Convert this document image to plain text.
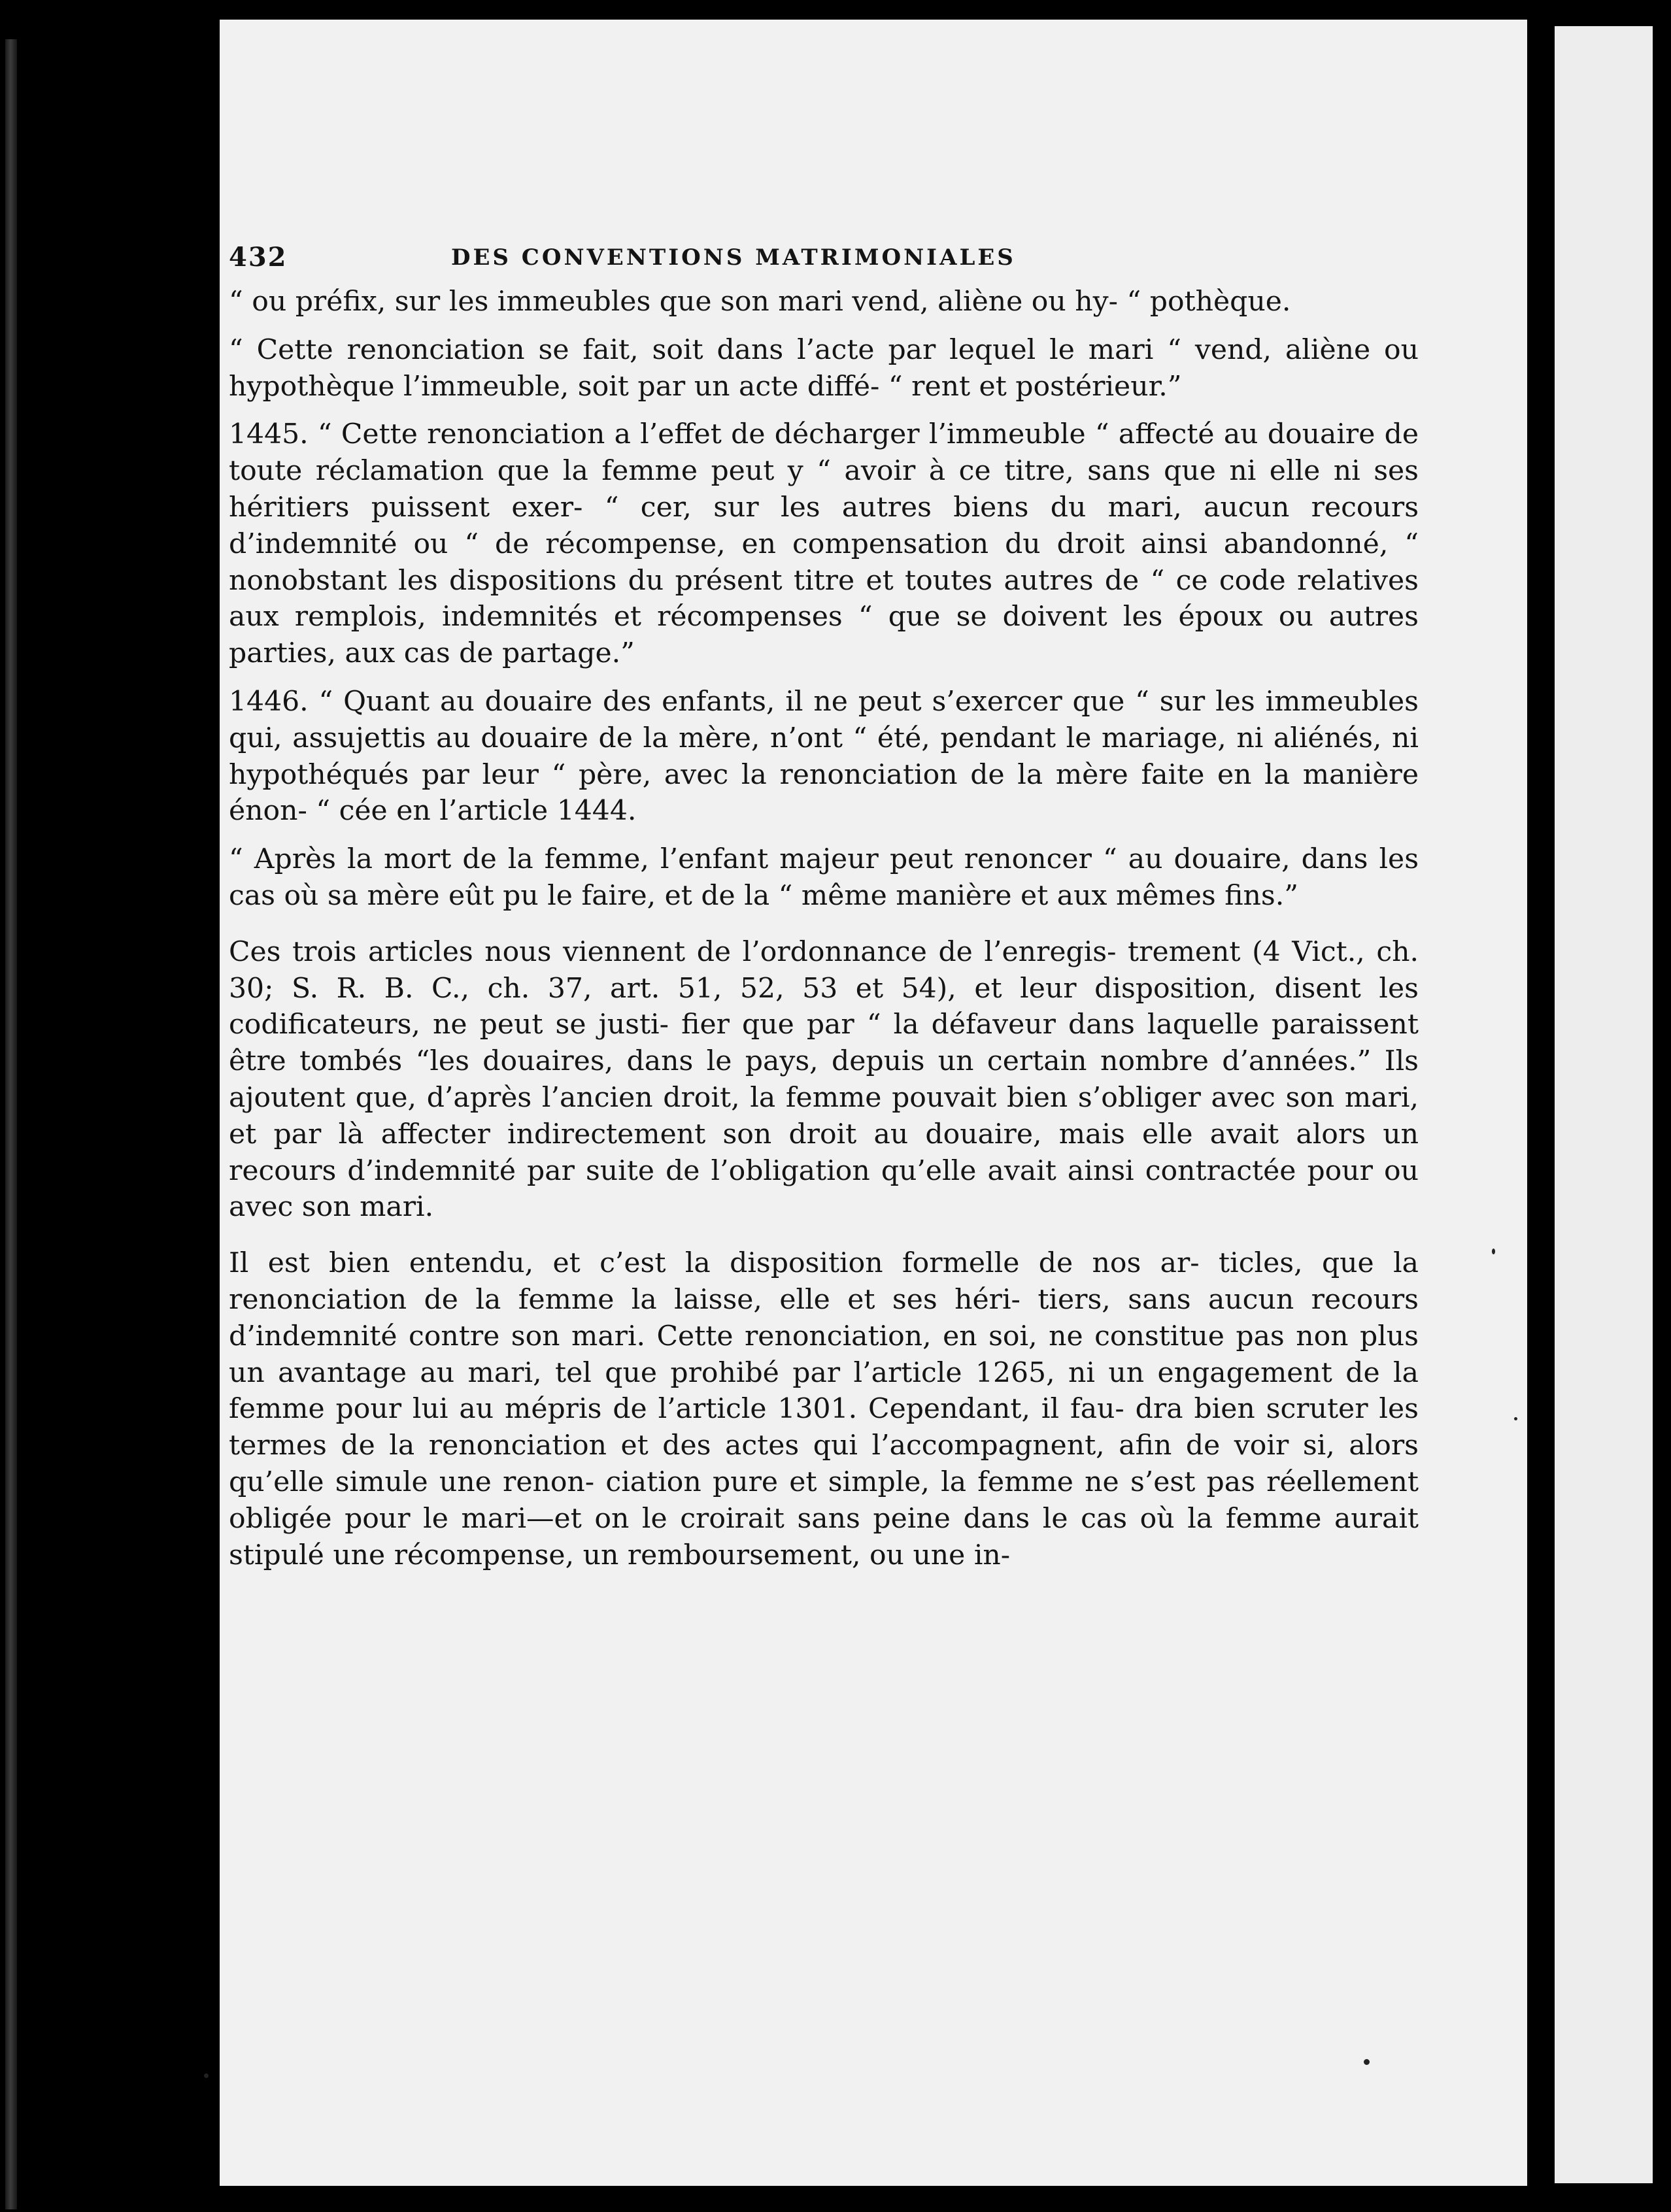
432	DES CONVENTIONS MATRIMONIALES

“ ou préfix, sur les immeubles que son mari vend, aliène ou hy- “ pothèque.

“ Cette renonciation se fait, soit dans l’acte par lequel le mari “ vend, aliène ou hypothèque l’immeuble, soit par un acte diffé- “ rent et postérieur.”

1445. “ Cette renonciation a l’effet de décharger l’immeuble “ affecté au douaire de toute réclamation que la femme peut y “ avoir à ce titre, sans que ni elle ni ses héritiers puissent exer- “ cer, sur les autres biens du mari, aucun recours d’indemnité ou “ de récompense, en compensation du droit ainsi abandonné, “ nonobstant les dispositions du présent titre et toutes autres de “ ce code relatives aux remplois, indemnités et récompenses “ que se doivent les époux ou autres parties, aux cas de partage.”

1446. “ Quant au douaire des enfants, il ne peut s’exercer que “ sur les immeubles qui, assujettis au douaire de la mère, n’ont “ été, pendant le mariage, ni aliénés, ni hypothéqués par leur “ père, avec la renonciation de la mère faite en la manière énon- “ cée en l’article 1444.

“ Après la mort de la femme, l’enfant majeur peut renoncer “ au douaire, dans les cas où sa mère eût pu le faire, et de la “ même manière et aux mêmes fins.”

Ces trois articles nous viennent de l’ordonnance de l’enregis- trement (4 Vict., ch. 30; S. R. B. C., ch. 37, art. 51, 52, 53 et 54), et leur disposition, disent les codificateurs, ne peut se justi- fier que par “ la défaveur dans laquelle paraissent être tombés “les douaires, dans le pays, depuis un certain nombre d’années.” Ils ajoutent que, d’après l’ancien droit, la femme pouvait bien s’obliger avec son mari, et par là affecter indirectement son droit au douaire, mais elle avait alors un recours d’indemnité par suite de l’obligation qu’elle avait ainsi contractée pour ou avec son mari.

Il est bien entendu, et c’est la disposition formelle de nos ar- ticles, que la renonciation de la femme la laisse, elle et ses héri- tiers, sans aucun recours d’indemnité contre son mari. Cette renonciation, en soi, ne constitue pas non plus un avantage au mari, tel que prohibé par l’article 1265, ni un engagement de la femme pour lui au mépris de l’article 1301. Cependant, il fau- dra bien scruter les termes de la renonciation et des actes qui l’accompagnent, afin de voir si, alors qu’elle simule une renon- ciation pure et simple, la femme ne s’est pas réellement obligée pour le mari—et on le croirait sans peine dans le cas où la femme aurait stipulé une récompense, un remboursement, ou une in-
